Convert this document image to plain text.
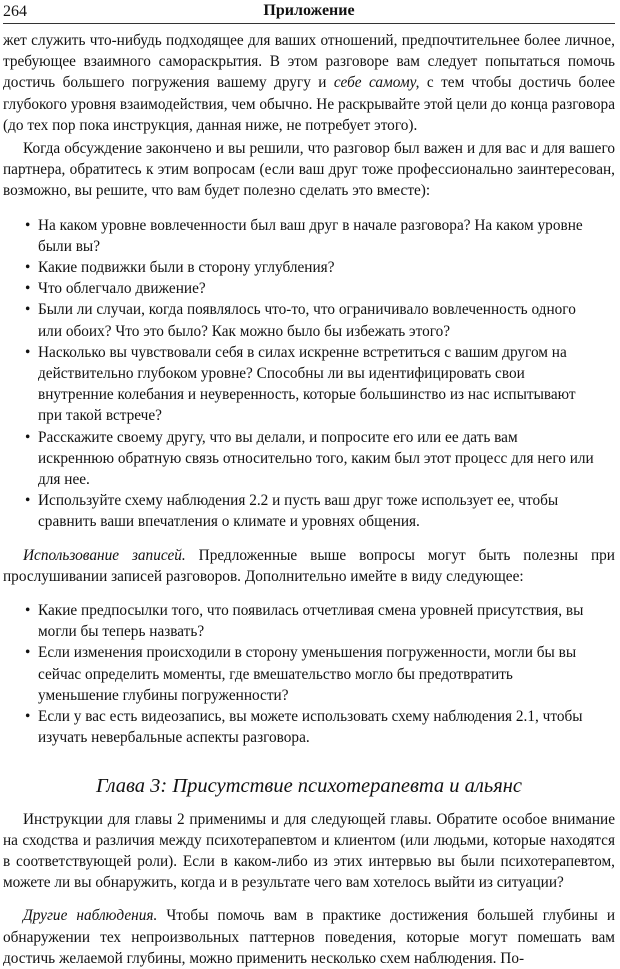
264	Приложение

жет служить что-нибудь подходящее для ваших отношений, предпочтительнее более личное, требующее взаимного самораскрытия. В этом разговоре вам следует попытаться помочь достичь большего погружения вашему другу и себе самому, с тем чтобы достичь более глубокого уровня взаимодействия, чем обычно. Не раскрывайте этой цели до конца разговора (до тех пор пока инструкция, данная ниже, не потребует этого).

Когда обсуждение закончено и вы решили, что разговор был важен и для вас и для вашего партнера, обратитесь к этим вопросам (если ваш друг тоже профессионально заинтересован, возможно, вы решите, что вам будет полезно сделать это вместе):

• На каком уровне вовлеченности был ваш друг в начале разговора? На каком уровне были вы?
• Какие подвижки были в сторону углубления?
• Что облегчало движение?
• Были ли случаи, когда появлялось что-то, что ограничивало вовлеченность одного или обоих? Что это было? Как можно было бы избежать этого?
• Насколько вы чувствовали себя в силах искренне встретиться с вашим другом на действительно глубоком уровне? Способны ли вы идентифицировать свои внутренние колебания и неуверенность, которые большинство из нас испытывают при такой встрече?
• Расскажите своему другу, что вы делали, и попросите его или ее дать вам искреннюю обратную связь относительно того, каким был этот процесс для него или для нее.
• Используйте схему наблюдения 2.2 и пусть ваш друг тоже использует ее, чтобы сравнить ваши впечатления о климате и уровнях общения.

Использование записей. Предложенные выше вопросы могут быть полезны при прослушивании записей разговоров. Дополнительно имейте в виду следующее:

• Какие предпосылки того, что появилась отчетливая смена уровней присутствия, вы могли бы теперь назвать?
• Если изменения происходили в сторону уменьшения погруженности, могли бы вы сейчас определить моменты, где вмешательство могло бы предотвратить уменьшение глубины погруженности?
• Если у вас есть видеозапись, вы можете использовать схему наблюдения 2.1, чтобы изучать невербальные аспекты разговора.
Глава 3: Присутствие психотерапевта и альянс

Инструкции для главы 2 применимы и для следующей главы. Обратите особое внимание на сходства и различия между психотерапевтом и клиентом (или людьми, которые находятся в соответствующей роли). Если в каком-либо из этих интервью вы были психотерапевтом, можете ли вы обнаружить, когда и в результате чего вам хотелось выйти из ситуации?

Другие наблюдения. Чтобы помочь вам в практике достижения большей глубины и обнаружении тех непроизвольных паттернов поведения, которые могут помешать вам достичь желаемой глубины, можно применить несколько схем наблюдения. По-
